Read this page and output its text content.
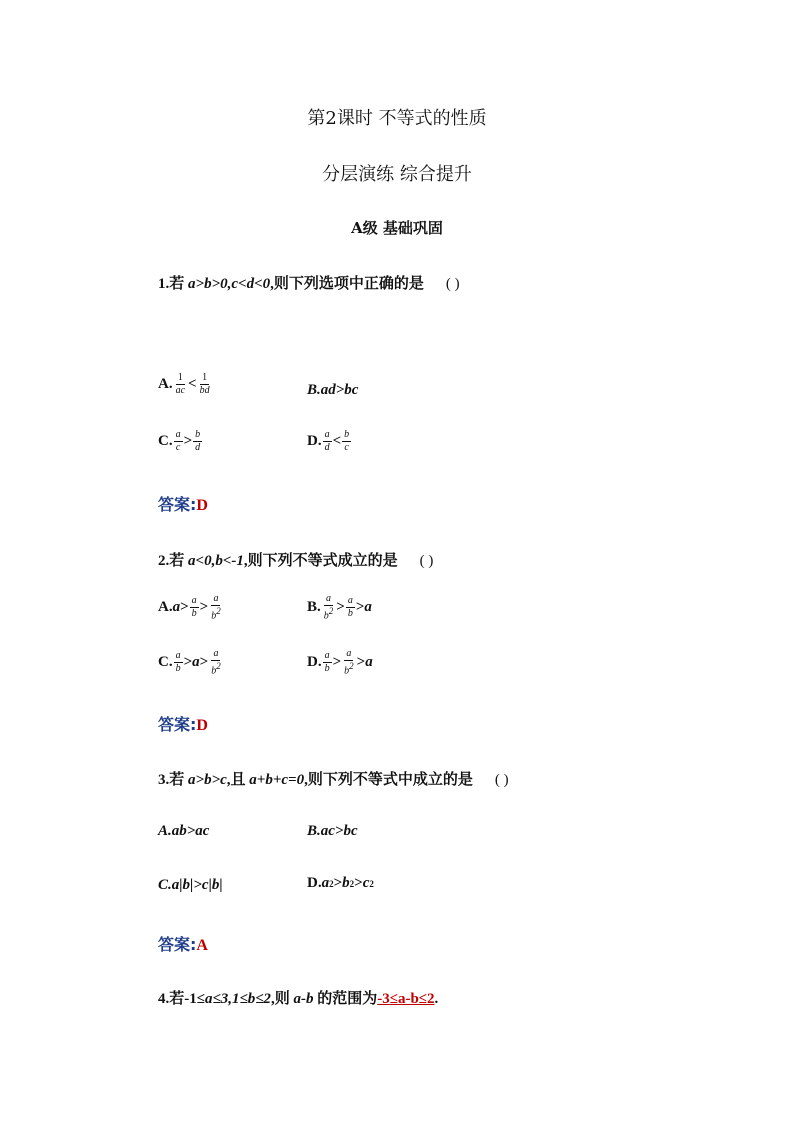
第2课时 不等式的性质
分层演练 综合提升
A级 基础巩固
1.若 a>b>0,c<d<0,则下列选项中正确的是 ( )
A. $\frac{1}{ac} < \frac{1}{bd}$	B.ad>bc
C. $\frac{a}{c} > \frac{b}{d}$	D. $\frac{a}{d} < \frac{b}{c}$
答案:D
2.若 a<0,b<-1,则下列不等式成立的是 ( )
A. $a > \frac{a}{b} > \frac{a}{b^2}$	B. $\frac{a}{b^2} > \frac{a}{b} > a$
C. $\frac{a}{b} > a > \frac{a}{b^2}$	D. $\frac{a}{b} > \frac{a}{b^2} > a$
答案:D
3.若 a>b>c,且 a+b+c=0,则下列不等式中成立的是 ( )
A.ab>ac	B.ac>bc
C.a|b|>c|b|	D. a 2 > b 2 > c 2
答案:A
4.若-1≤a≤3,1≤b≤2,则 a-b 的范围为-3≤a-b≤2.
